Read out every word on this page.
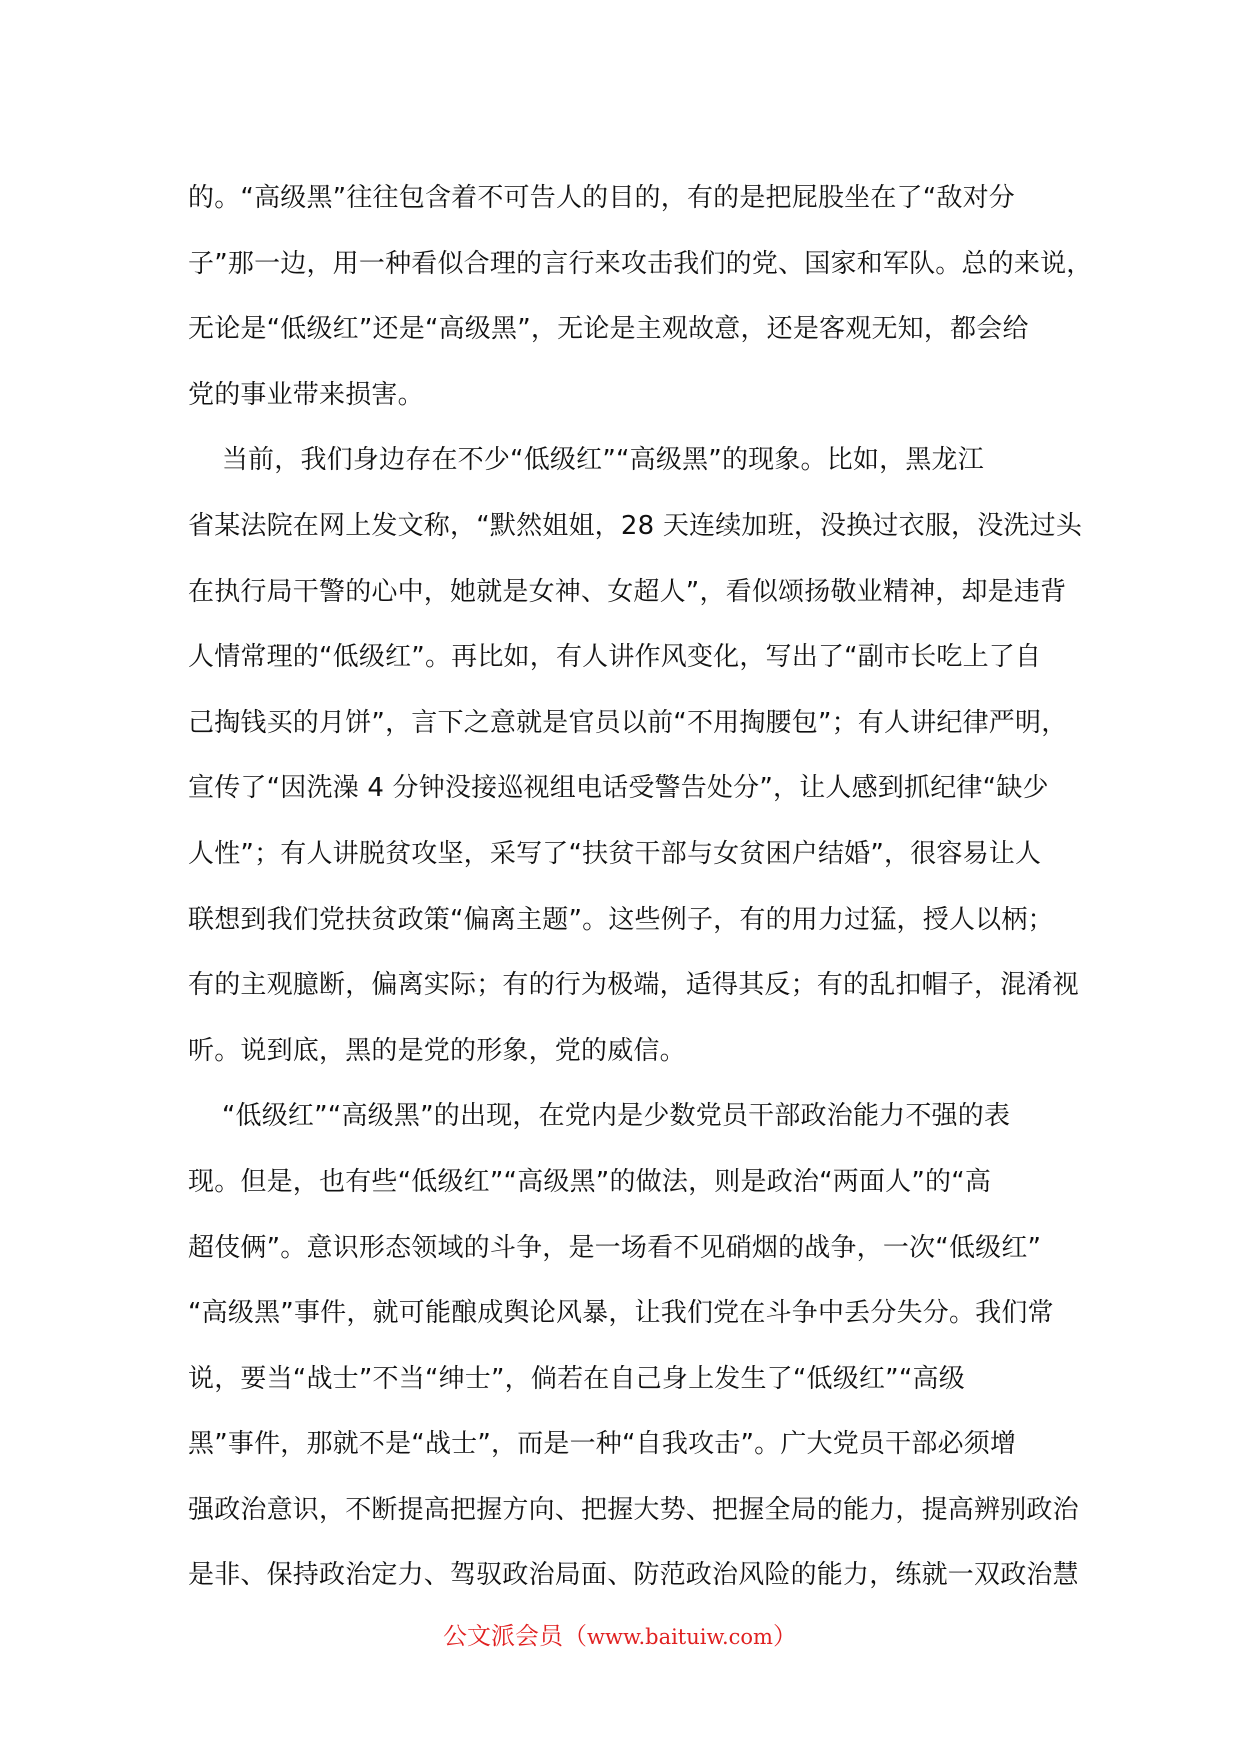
的。“高级黑”往往包含着不可告人的目的，有的是把屁股坐在了“敌对分
子”那一边，用一种看似合理的言行来攻击我们的党、国家和军队。总的来说，
无论是“低级红”还是“高级黑”，无论是主观故意，还是客观无知，都会给
党的事业带来损害。
当前，我们身边存在不少“低级红”“高级黑”的现象。比如，黑龙江
省某法院在网上发文称，“默然姐姐，28 天连续加班，没换过衣服，没洗过头
在执行局干警的心中，她就是女神、女超人”，看似颂扬敬业精神，却是违背
人情常理的“低级红”。再比如，有人讲作风变化，写出了“副市长吃上了自
己掏钱买的月饼”，言下之意就是官员以前“不用掏腰包”；有人讲纪律严明，
宣传了“因洗澡 4 分钟没接巡视组电话受警告处分”，让人感到抓纪律“缺少
人性”；有人讲脱贫攻坚，采写了“扶贫干部与女贫困户结婚”，很容易让人
联想到我们党扶贫政策“偏离主题”。这些例子，有的用力过猛，授人以柄；
有的主观臆断，偏离实际；有的行为极端，适得其反；有的乱扣帽子，混淆视
听。说到底，黑的是党的形象，党的威信。
“低级红”“高级黑”的出现，在党内是少数党员干部政治能力不强的表
现。但是，也有些“低级红”“高级黑”的做法，则是政治“两面人”的“高
超伎俩”。意识形态领域的斗争，是一场看不见硝烟的战争，一次“低级红”
“高级黑”事件，就可能酿成舆论风暴，让我们党在斗争中丢分失分。我们常
说，要当“战士”不当“绅士”，倘若在自己身上发生了“低级红”“高级
黑”事件，那就不是“战士”，而是一种“自我攻击”。广大党员干部必须增
强政治意识，不断提高把握方向、把握大势、把握全局的能力，提高辨别政治
是非、保持政治定力、驾驭政治局面、防范政治风险的能力，练就一双政治慧
公文派会员（www.baituiw.com）
